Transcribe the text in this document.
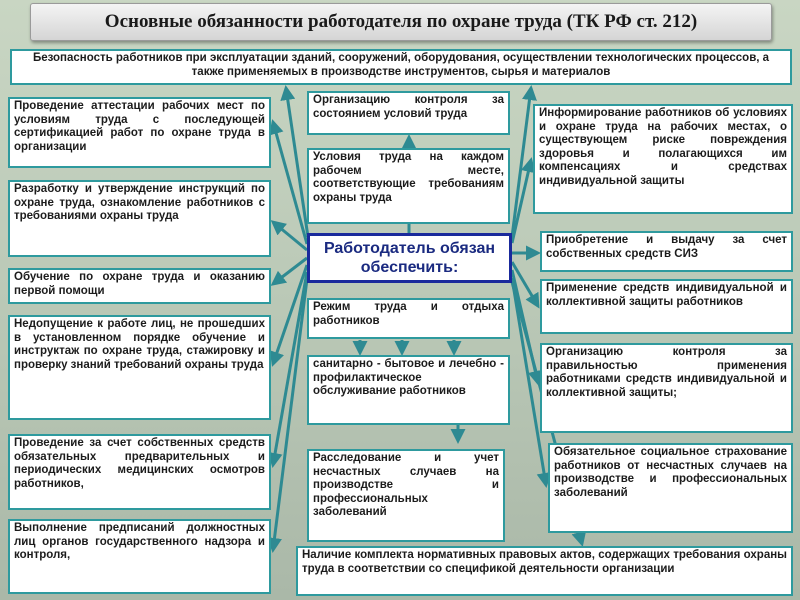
Основные обязанности работодателя по охране труда (ТК РФ ст. 212)
Безопасность работников при эксплуатации зданий, сооружений, оборудования, осуществлении технологических процессов, а также применяемых в производстве инструментов, сырья и материалов
Проведение аттестации рабочих мест по условиям труда с последующей сертификацией работ по охране труда в организации
Разработку и утверждение инструкций по охране труда, ознакомление работников с требованиями охраны труда
Обучение по охране труда и оказанию первой помощи
Недопущение к работе лиц, не прошедших в установленном порядке обучение и инструктаж по охране труда, стажировку и проверку знаний требований охраны труда
Проведение за счет собственных средств обязательных предварительных и периодических медицинских осмотров работников,
Выполнение предписаний должностных лиц органов государственного надзора и контроля,
Организацию контроля за состоянием условий труда
Условия труда на каждом рабочем месте, соответствующие требованиям охраны труда
Работодатель обязан обеспечить:
Режим труда и отдыха работников
санитарно - бытовое и лечебно - профилактическое обслуживание работников
Расследование и учет несчастных случаев на производстве и профессиональных заболеваний
Информирование работников об условиях и охране труда на рабочих местах, о существующем риске повреждения здоровья и полагающихся им компенсациях и средствах индивидуальной защиты
Приобретение и выдачу за счет собственных средств СИЗ
Применение средств индивидуальной и коллективной защиты работников
Организацию контроля за правильностью применения работниками средств индивидуальной и коллективной защиты;
Обязательное социальное страхование работников от несчастных случаев на производстве и профессиональных заболеваний
Наличие комплекта нормативных правовых актов, содержащих требования охраны труда в соответствии со спецификой деятельности организации
